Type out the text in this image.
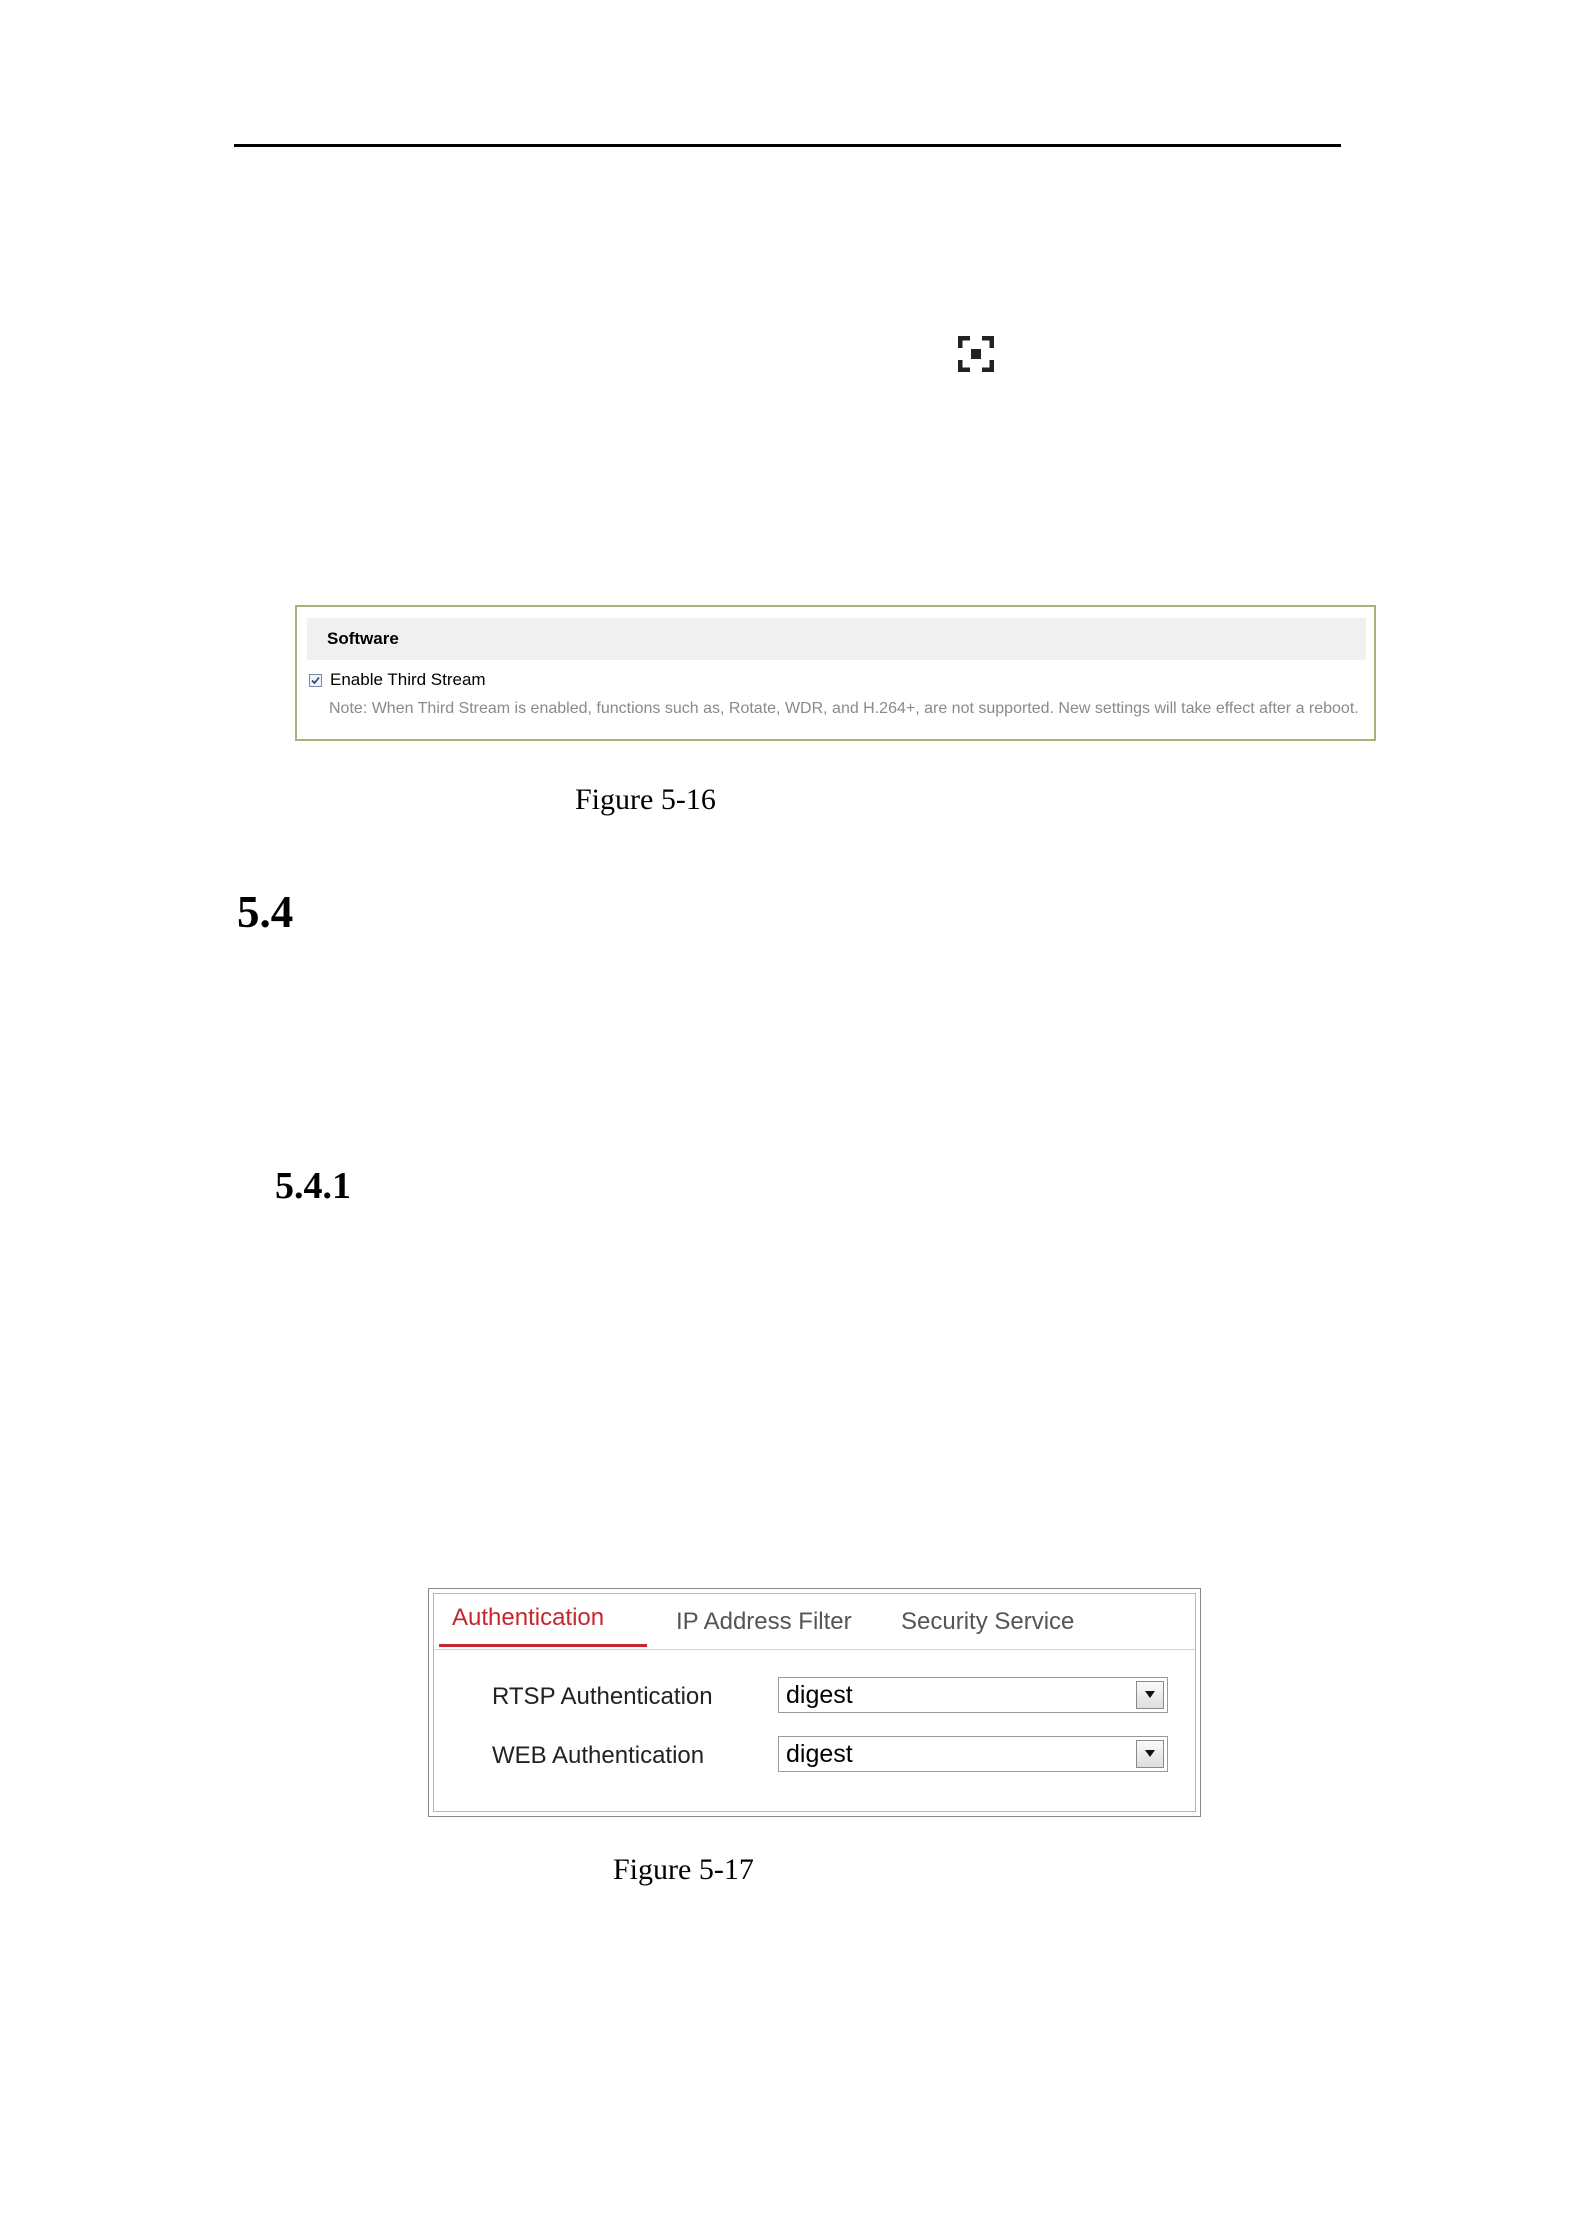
Software
Enable Third Stream
Note: When Third Stream is enabled, functions such as, Rotate, WDR, and H.264+, are not supported. New settings will take effect after a reboot.
Figure 5-16
5.4
5.4.1
Authentication	IP Address Filter Security Service
RTSP Authentication	digest
WEB Authentication	digest
Figure 5-17
